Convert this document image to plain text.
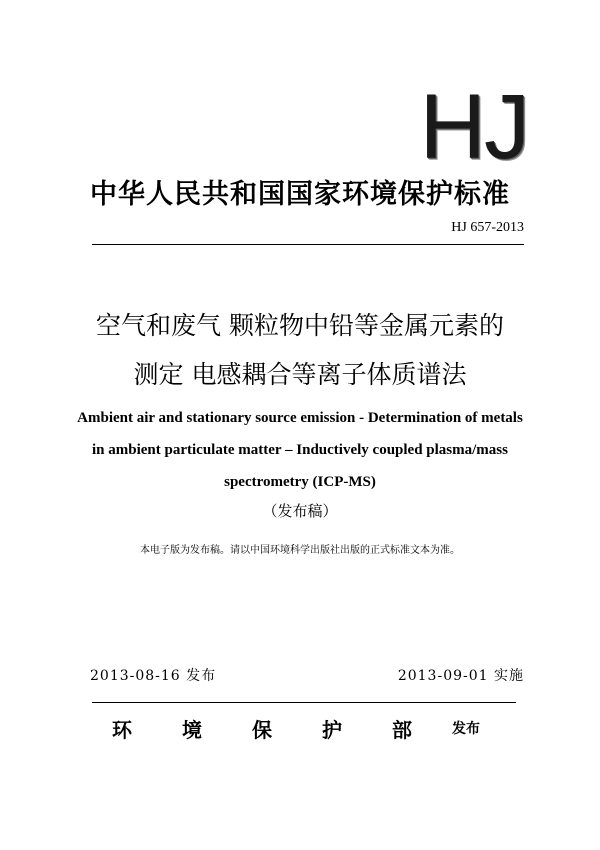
HJ
中华人民共和国国家环境保护标准
HJ 657-2013
空气和废气 颗粒物中铅等金属元素的
测定 电感耦合等离子体质谱法
Ambient air and stationary source emission - Determination of metals
in ambient particulate matter – Inductively coupled plasma/mass
spectrometry (ICP-MS)
（发布稿）
本电子版为发布稿。请以中国环境科学出版社出版的正式标准文本为准。
2013-08-16 发布	2013-09-01 实施
环	境	保	护	部	发布
